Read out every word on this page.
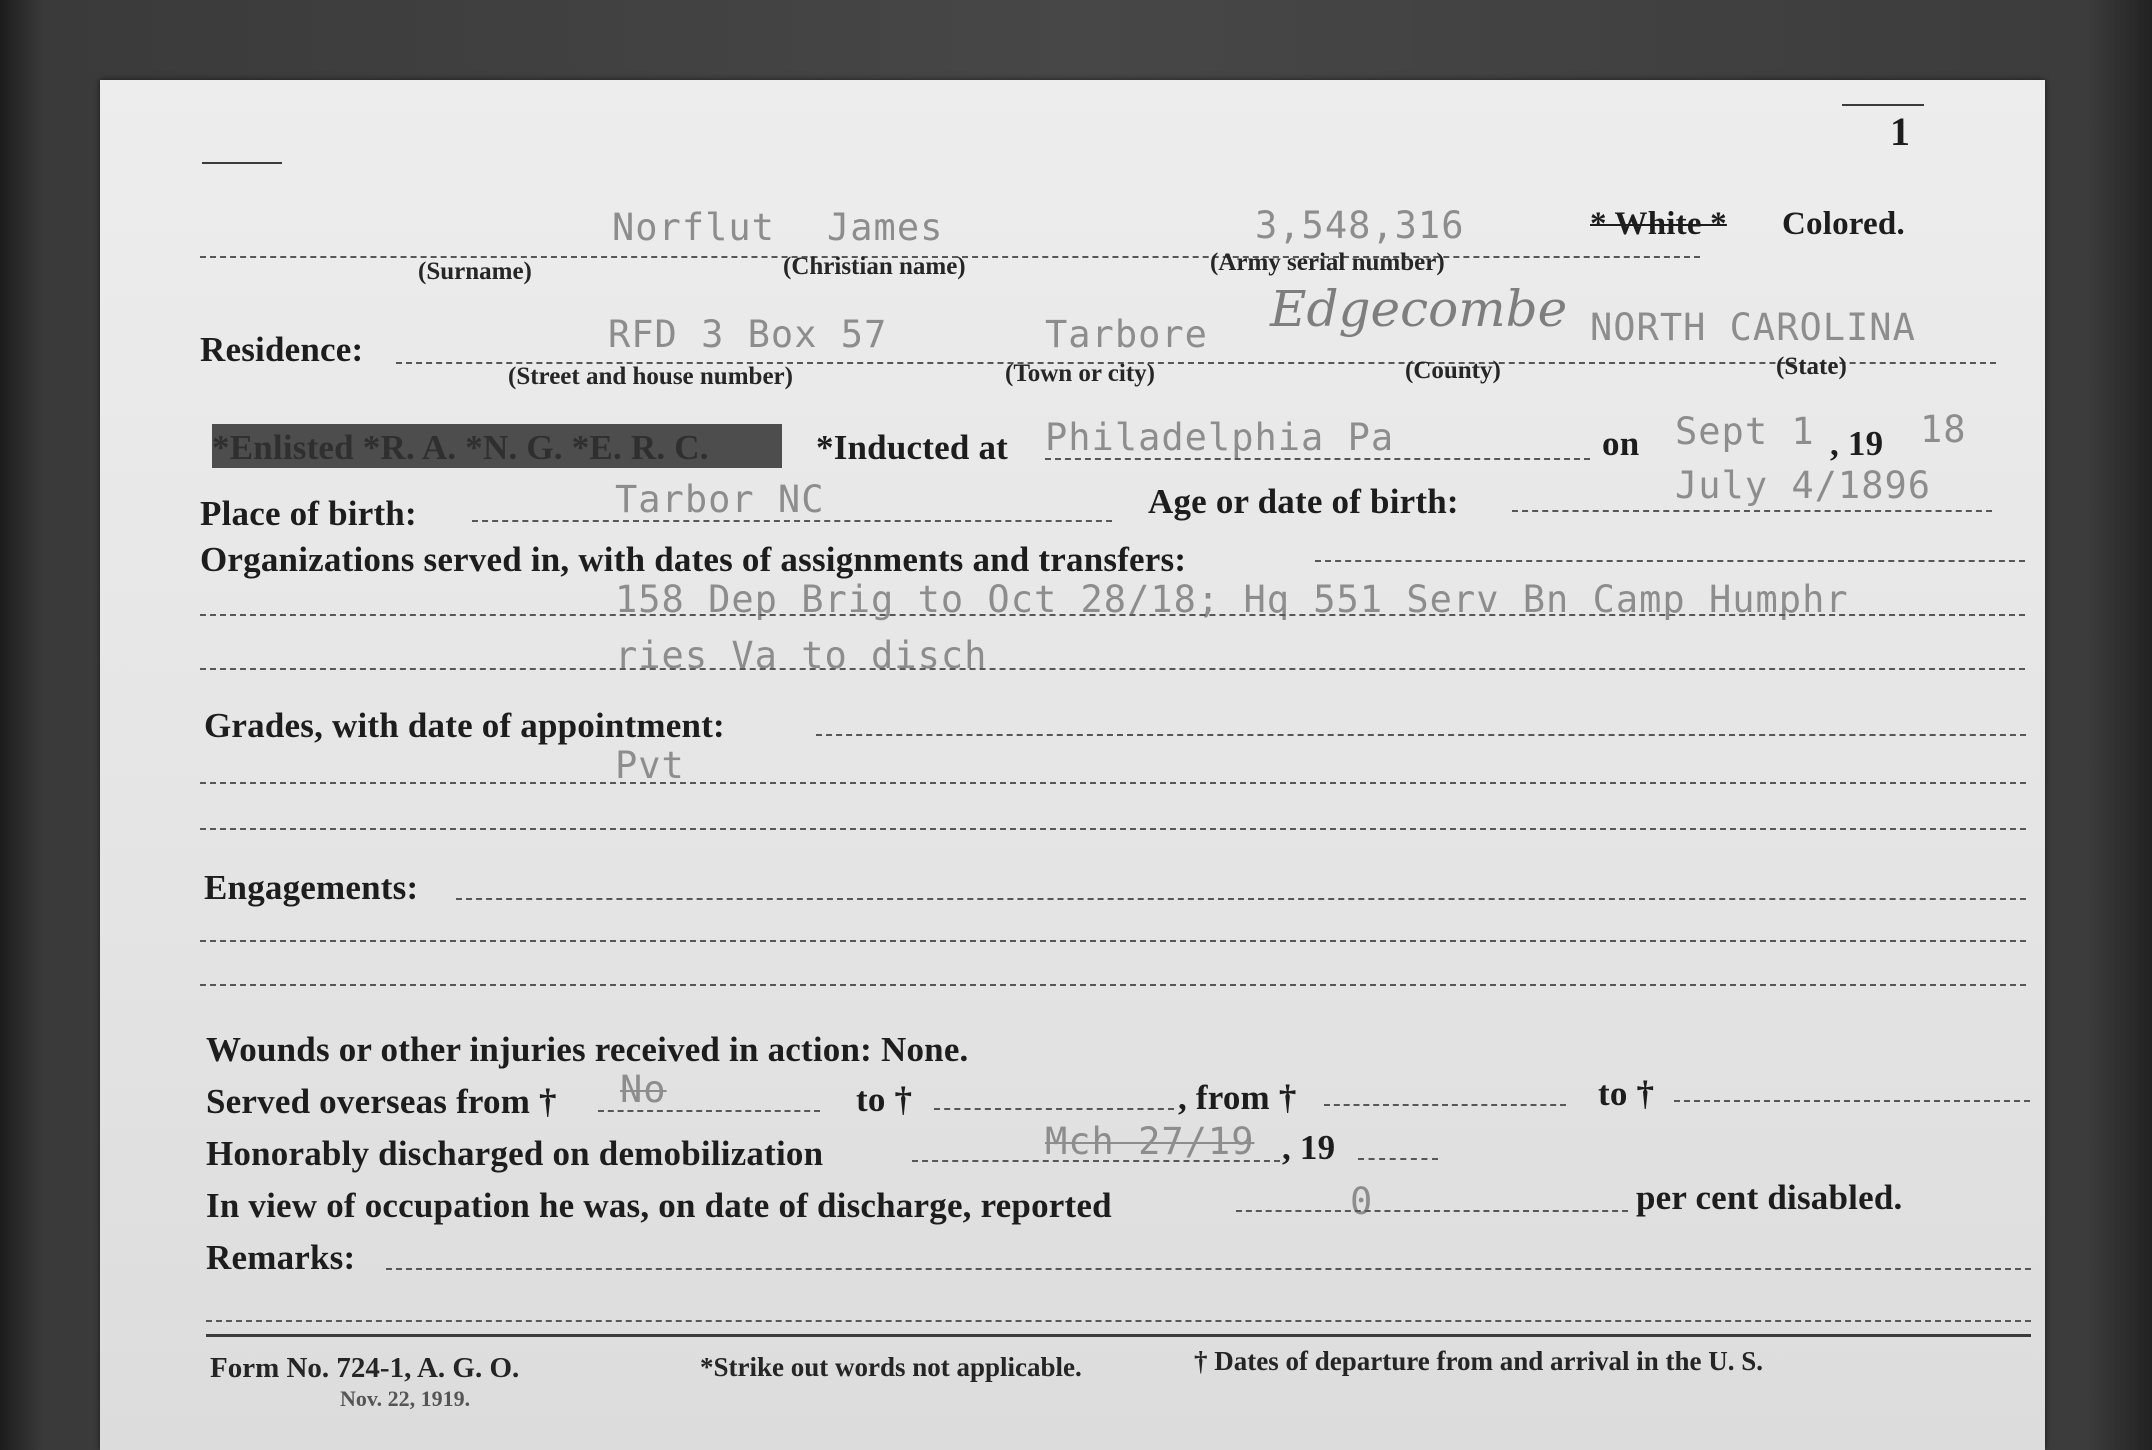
1
Norflut James	3,548,316	* White * Colored.
(Surname)	(Christian name)	(Army serial number)
Residence:	RFD 3 Box 57	Tarbore Edgecombe NORTH CAROLINA
(Street and house number)	(Town or city)	(County)	(State)
*Enlisted *R. A. *N. G. *E. R. C.	*Inducted at Philadelphia Pa	on Sept 1 , 19 18
Place of birth:	Tarbor NC	Age or date of birth:	July 4/1896
Organizations served in, with dates of assignments and transfers:
158 Dep Brig to Oct 28/18; Hq 551 Serv Bn Camp Humphr
ries Va to disch
Grades, with date of appointment:
Pvt
Engagements:
Wounds or other injuries received in action: None.
Served overseas from † No	to †	, from †	to †
Honorably discharged on demobilization	Mch 27/19 , 19
In view of occupation he was, on date of discharge, reported	0	per cent disabled.
Remarks:
Form No. 724-1, A. G. O.
Nov. 22, 1919.
*Strike out words not applicable.	† Dates of departure from and arrival in the U. S.
